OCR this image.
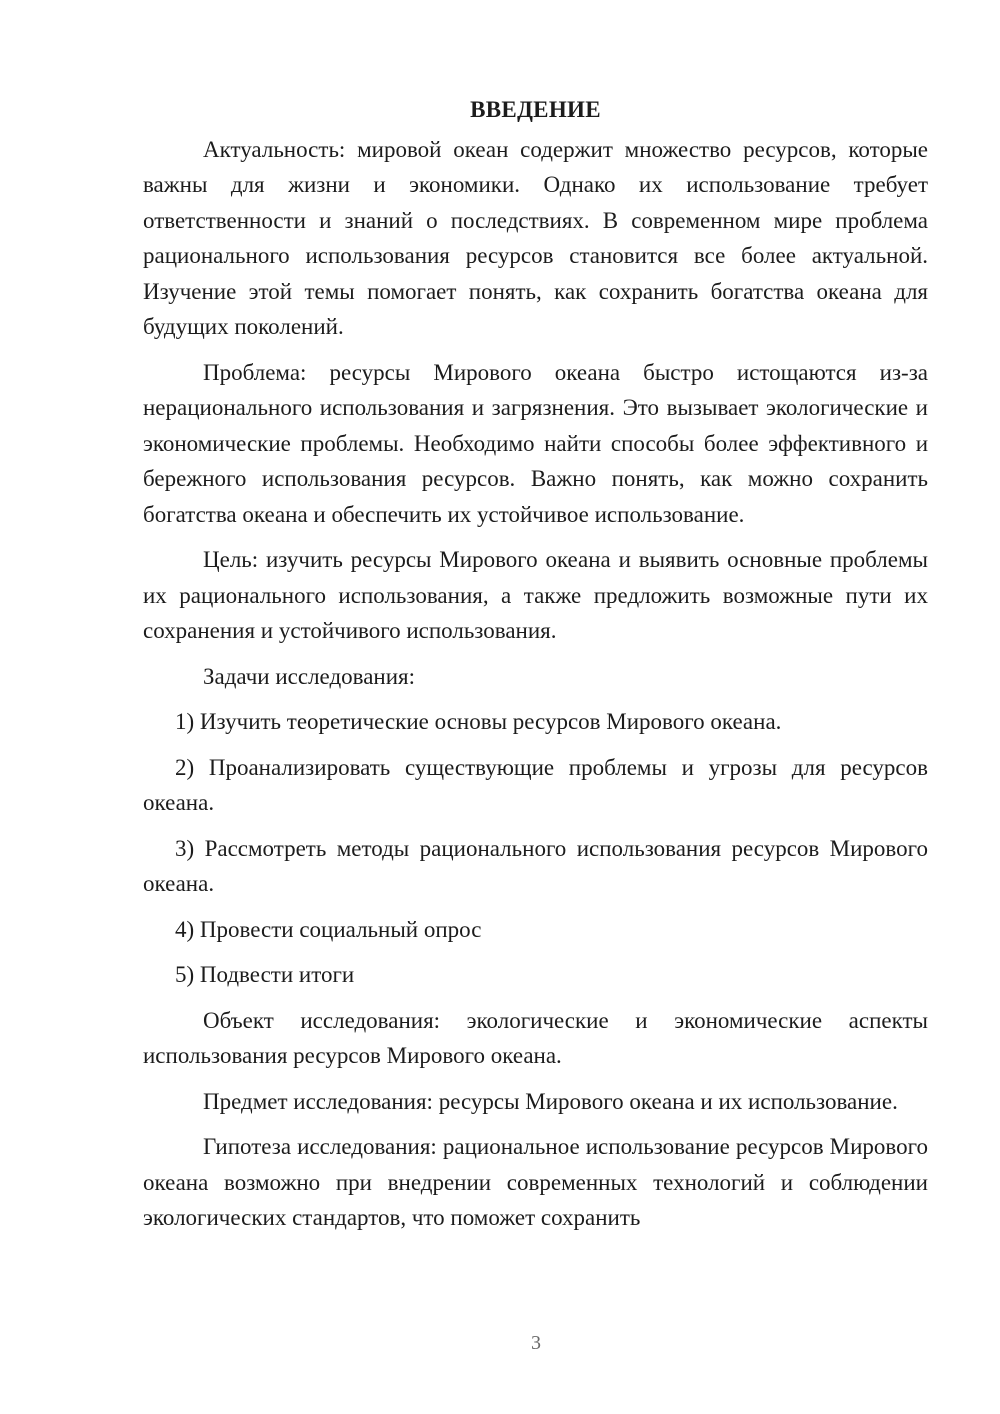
ВВЕДЕНИЕ

Актуальность: мировой океан содержит множество ресурсов, которые важны для жизни и экономики. Однако их использование требует ответственности и знаний о последствиях. В современном мире проблема рационального использования ресурсов становится все более актуальной. Изучение этой темы помогает понять, как сохранить богатства океана для будущих поколений.

Проблема: ресурсы Мирового океана быстро истощаются из-за нерационального использования и загрязнения. Это вызывает экологические и экономические проблемы. Необходимо найти способы более эффективного и бережного использования ресурсов. Важно понять, как можно сохранить богатства океана и обеспечить их устойчивое использование.

Цель: изучить ресурсы Мирового океана и выявить основные проблемы их рационального использования, а также предложить возможные пути их сохранения и устойчивого использования.

Задачи исследования:

1) Изучить теоретические основы ресурсов Мирового океана.

2) Проанализировать существующие проблемы и угрозы для ресурсов океана.

3) Рассмотреть методы рационального использования ресурсов Мирового океана.

4) Провести социальный опрос

5) Подвести итоги

Объект исследования: экологические и экономические аспекты использования ресурсов Мирового океана.

Предмет исследования: ресурсы Мирового океана и их использование.

Гипотеза исследования: рациональное использование ресурсов Мирового океана возможно при внедрении современных технологий и соблюдении экологических стандартов, что поможет сохранить

3
